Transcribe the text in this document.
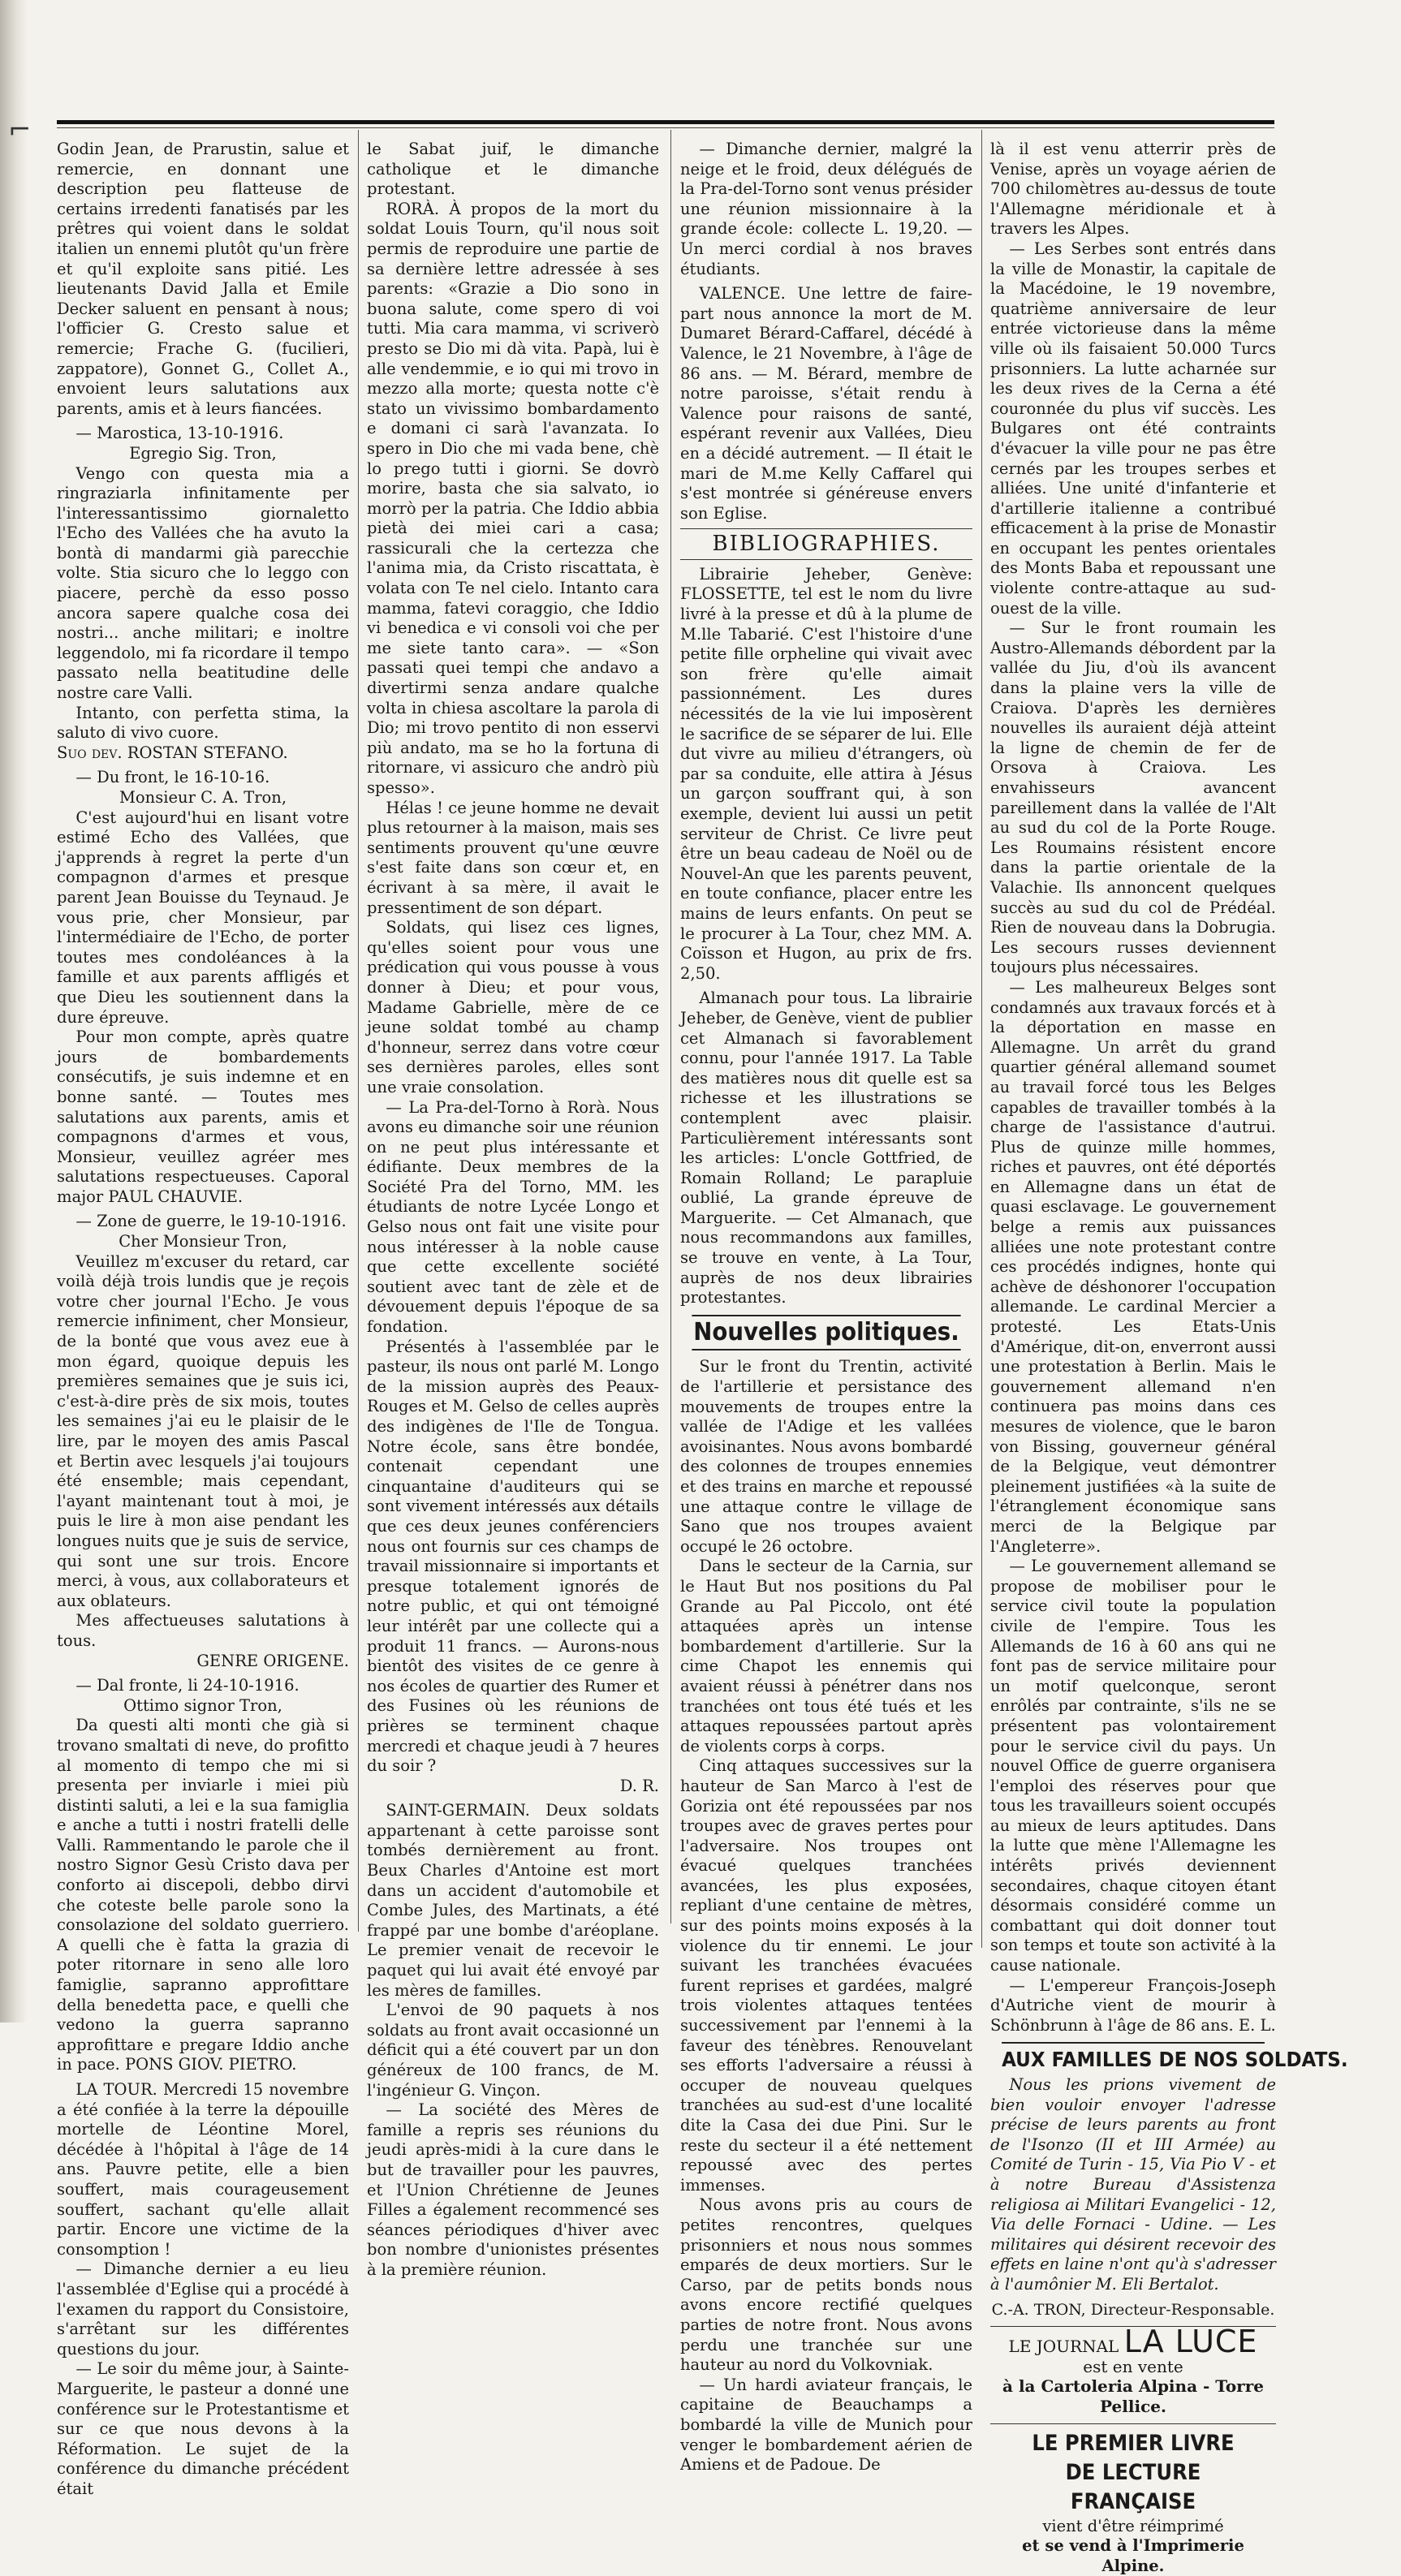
⌐

Godin Jean, de Prarustin, salue et remercie, en donnant une description peu flatteuse de certains irredenti fanatisés par les prêtres qui voient dans le soldat italien un ennemi plutôt qu'un frère et qu'il exploite sans pitié. Les lieutenants David Jalla et Emile Decker saluent en pensant à nous; l'officier G. Cresto salue et remercie; Frache G. (fucilieri, zappatore), Gonnet G., Collet A., envoient leurs salutations aux parents, amis et à leurs fiancées.

— Marostica, 13-10-1916.

Egregio Sig. Tron,

Vengo con questa mia a ringraziarla infinitamente per l'interessantissimo giornaletto l'Echo des Vallées che ha avuto la bontà di mandarmi già parecchie volte. Stia sicuro che lo leggo con piacere, perchè da esso posso ancora sapere qualche cosa dei nostri... anche militari; e inoltre leggendolo, mi fa ricordare il tempo passato nella beatitudine delle nostre care Valli.

Intanto, con perfetta stima, la saluto di vivo cuore.

Suo dev. ROSTAN STEFANO.

— Du front, le 16-10-16.

Monsieur C. A. Tron,

C'est aujourd'hui en lisant votre estimé Echo des Vallées, que j'apprends à regret la perte d'un compagnon d'armes et presque parent Jean Bouisse du Teynaud. Je vous prie, cher Monsieur, par l'intermédiaire de l'Echo, de porter toutes mes condoléances à la famille et aux parents affligés et que Dieu les soutiennent dans la dure épreuve.

Pour mon compte, après quatre jours de bombardements consécutifs, je suis indemne et en bonne santé. — Toutes mes salutations aux parents, amis et compagnons d'armes et vous, Monsieur, veuillez agréer mes salutations respectueuses. Caporal major PAUL CHAUVIE.

— Zone de guerre, le 19-10-1916.

Cher Monsieur Tron,

Veuillez m'excuser du retard, car voilà déjà trois lundis que je reçois votre cher journal l'Echo. Je vous remercie infiniment, cher Monsieur, de la bonté que vous avez eue à mon égard, quoique depuis les premières semaines que je suis ici, c'est-à-dire près de six mois, toutes les semaines j'ai eu le plaisir de le lire, par le moyen des amis Pascal et Bertin avec lesquels j'ai toujours été ensemble; mais cependant, l'ayant maintenant tout à moi, je puis le lire à mon aise pendant les longues nuits que je suis de service, qui sont une sur trois. Encore merci, à vous, aux collaborateurs et aux oblateurs.

Mes affectueuses salutations à tous.

GENRE ORIGENE.

— Dal fronte, li 24-10-1916.

Ottimo signor Tron,

Da questi alti monti che già si trovano smaltati di neve, do profitto al momento di tempo che mi si presenta per inviarle i miei più distinti saluti, a lei e la sua famiglia e anche a tutti i nostri fratelli delle Valli. Rammentando le parole che il nostro Signor Gesù Cristo dava per conforto ai discepoli, debbo dirvi che coteste belle parole sono la consolazione del soldato guerriero. A quelli che è fatta la grazia di poter ritornare in seno alle loro famiglie, sapranno approfittare della benedetta pace, e quelli che vedono la guerra sapranno approfittare e pregare Iddio anche in pace. PONS GIOV. PIETRO.

LA TOUR. Mercredi 15 novembre a été confiée à la terre la dépouille mortelle de Léontine Morel, décédée à l'hôpital à l'âge de 14 ans. Pauvre petite, elle a bien souffert, mais courageusement souffert, sachant qu'elle allait partir. Encore une victime de la consomption !

— Dimanche dernier a eu lieu l'assemblée d'Eglise qui a procédé à l'examen du rapport du Consistoire, s'arrêtant sur les différentes questions du jour.

— Le soir du même jour, à Sainte-Marguerite, le pasteur a donné une conférence sur le Protestantisme et sur ce que nous devons à la Réformation. Le sujet de la conférence du dimanche précédent était

le Sabat juif, le dimanche catholique et le dimanche protestant.

RORÀ. À propos de la mort du soldat Louis Tourn, qu'il nous soit permis de reproduire une partie de sa dernière lettre adressée à ses parents: «Grazie a Dio sono in buona salute, come spero di voi tutti. Mia cara mamma, vi scriverò presto se Dio mi dà vita. Papà, lui è alle vendemmie, e io qui mi trovo in mezzo alla morte; questa notte c'è stato un vivissimo bombardamento e domani ci sarà l'avanzata. Io spero in Dio che mi vada bene, chè lo prego tutti i giorni. Se dovrò morire, basta che sia salvato, io morrò per la patria. Che Iddio abbia pietà dei miei cari a casa; rassicurali che la certezza che l'anima mia, da Cristo riscattata, è volata con Te nel cielo. Intanto cara mamma, fatevi coraggio, che Iddio vi benedica e vi consoli voi che per me siete tanto cara». — «Son passati quei tempi che andavo a divertirmi senza andare qualche volta in chiesa ascoltare la parola di Dio; mi trovo pentito di non esservi più andato, ma se ho la fortuna di ritornare, vi assicuro che andrò più spesso».

Hélas ! ce jeune homme ne devait plus retourner à la maison, mais ses sentiments prouvent qu'une œuvre s'est faite dans son cœur et, en écrivant à sa mère, il avait le pressentiment de son départ.

Soldats, qui lisez ces lignes, qu'elles soient pour vous une prédication qui vous pousse à vous donner à Dieu; et pour vous, Madame Gabrielle, mère de ce jeune soldat tombé au champ d'honneur, serrez dans votre cœur ses dernières paroles, elles sont une vraie consolation.

— La Pra-del-Torno à Rorà. Nous avons eu dimanche soir une réunion on ne peut plus intéressante et édifiante. Deux membres de la Société Pra del Torno, MM. les étudiants de notre Lycée Longo et Gelso nous ont fait une visite pour nous intéresser à la noble cause que cette excellente société soutient avec tant de zèle et de dévouement depuis l'époque de sa fondation.

Présentés à l'assemblée par le pasteur, ils nous ont parlé M. Longo de la mission auprès des Peaux-Rouges et M. Gelso de celles auprès des indigènes de l'Ile de Tongua. Notre école, sans être bondée, contenait cependant une cinquantaine d'auditeurs qui se sont vivement intéressés aux détails que ces deux jeunes conférenciers nous ont fournis sur ces champs de travail missionnaire si importants et presque totalement ignorés de notre public, et qui ont témoigné leur intérêt par une collecte qui a produit 11 francs. — Aurons-nous bientôt des visites de ce genre à nos écoles de quartier des Rumer et des Fusines où les réunions de prières se terminent chaque mercredi et chaque jeudi à 7 heures du soir ?

D. R.

SAINT-GERMAIN. Deux soldats appartenant à cette paroisse sont tombés dernièrement au front. Beux Charles d'Antoine est mort dans un accident d'automobile et Combe Jules, des Martinats, a été frappé par une bombe d'aréoplane. Le premier venait de recevoir le paquet qui lui avait été envoyé par les mères de familles.

L'envoi de 90 paquets à nos soldats au front avait occasionné un déficit qui a été couvert par un don généreux de 100 francs, de M. l'ingénieur G. Vinçon.

— La société des Mères de famille a repris ses réunions du jeudi après-midi à la cure dans le but de travailler pour les pauvres, et l'Union Chrétienne de Jeunes Filles a également recommencé ses séances périodiques d'hiver avec bon nombre d'unionistes présentes à la première réunion.

— Dimanche dernier, malgré la neige et le froid, deux délégués de la Pra-del-Torno sont venus présider une réunion missionnaire à la grande école: collecte L. 19,20. — Un merci cordial à nos braves étudiants.

VALENCE. Une lettre de faire-part nous annonce la mort de M. Dumaret Bérard-Caffarel, décédé à Valence, le 21 Novembre, à l'âge de 86 ans. — M. Bérard, membre de notre paroisse, s'était rendu à Valence pour raisons de santé, espérant revenir aux Vallées, Dieu en a décidé autrement. — Il était le mari de M.me Kelly Caffarel qui s'est montrée si généreuse envers son Eglise.

BIBLIOGRAPHIES.

Librairie Jeheber, Genève: FLOSSETTE, tel est le nom du livre livré à la presse et dû à la plume de M.lle Tabarié. C'est l'histoire d'une petite fille orpheline qui vivait avec son frère qu'elle aimait passionnément. Les dures nécessités de la vie lui imposèrent le sacrifice de se séparer de lui. Elle dut vivre au milieu d'étrangers, où par sa conduite, elle attira à Jésus un garçon souffrant qui, à son exemple, devient lui aussi un petit serviteur de Christ. Ce livre peut être un beau cadeau de Noël ou de Nouvel-An que les parents peuvent, en toute confiance, placer entre les mains de leurs enfants. On peut se le procurer à La Tour, chez MM. A. Coïsson et Hugon, au prix de frs. 2,50.

Almanach pour tous. La librairie Jeheber, de Genève, vient de publier cet Almanach si favorablement connu, pour l'année 1917. La Table des matières nous dit quelle est sa richesse et les illustrations se contemplent avec plaisir. Particulièrement intéressants sont les articles: L'oncle Gottfried, de Romain Rolland; Le parapluie oublié, La grande épreuve de Marguerite. — Cet Almanach, que nous recommandons aux familles, se trouve en vente, à La Tour, auprès de nos deux librairies protestantes.

Nouvelles politiques.

Sur le front du Trentin, activité de l'artillerie et persistance des mouvements de troupes entre la vallée de l'Adige et les vallées avoisinantes. Nous avons bombardé des colonnes de troupes ennemies et des trains en marche et repoussé une attaque contre le village de Sano que nos troupes avaient occupé le 26 octobre.

Dans le secteur de la Carnia, sur le Haut But nos positions du Pal Grande au Pal Piccolo, ont été attaquées après un intense bombardement d'artillerie. Sur la cime Chapot les ennemis qui avaient réussi à pénétrer dans nos tranchées ont tous été tués et les attaques repoussées partout après de violents corps à corps.

Cinq attaques successives sur la hauteur de San Marco à l'est de Gorizia ont été repoussées par nos troupes avec de graves pertes pour l'adversaire. Nos troupes ont évacué quelques tranchées avancées, les plus exposées, repliant d'une centaine de mètres, sur des points moins exposés à la violence du tir ennemi. Le jour suivant les tranchées évacuées furent reprises et gardées, malgré trois violentes attaques tentées successivement par l'ennemi à la faveur des ténèbres. Renouvelant ses efforts l'adversaire a réussi à occuper de nouveau quelques tranchées au sud-est d'une localité dite la Casa dei due Pini. Sur le reste du secteur il a été nettement repoussé avec des pertes immenses.

Nous avons pris au cours de petites rencontres, quelques prisonniers et nous nous sommes emparés de deux mortiers. Sur le Carso, par de petits bonds nous avons encore rectifié quelques parties de notre front. Nous avons perdu une tranchée sur une hauteur au nord du Volkovniak.

— Un hardi aviateur français, le capitaine de Beauchamps a bombardé la ville de Munich pour venger le bombardement aérien de Amiens et de Padoue. De

là il est venu atterrir près de Venise, après un voyage aérien de 700 chilomètres au-dessus de toute l'Allemagne méridionale et à travers les Alpes.

— Les Serbes sont entrés dans la ville de Monastir, la capitale de la Macédoine, le 19 novembre, quatrième anniversaire de leur entrée victorieuse dans la même ville où ils faisaient 50.000 Turcs prisonniers. La lutte acharnée sur les deux rives de la Cerna a été couronnée du plus vif succès. Les Bulgares ont été contraints d'évacuer la ville pour ne pas être cernés par les troupes serbes et alliées. Une unité d'infanterie et d'artillerie italienne a contribué efficacement à la prise de Monastir en occupant les pentes orientales des Monts Baba et repoussant une violente contre-attaque au sud-ouest de la ville.

— Sur le front roumain les Austro-Allemands débordent par la vallée du Jiu, d'où ils avancent dans la plaine vers la ville de Craiova. D'après les dernières nouvelles ils auraient déjà atteint la ligne de chemin de fer de Orsova à Craiova. Les envahisseurs avancent pareillement dans la vallée de l'Alt au sud du col de la Porte Rouge. Les Roumains résistent encore dans la partie orientale de la Valachie. Ils annoncent quelques succès au sud du col de Prédéal. Rien de nouveau dans la Dobrugia. Les secours russes deviennent toujours plus nécessaires.

— Les malheureux Belges sont condamnés aux travaux forcés et à la déportation en masse en Allemagne. Un arrêt du grand quartier général allemand soumet au travail forcé tous les Belges capables de travailler tombés à la charge de l'assistance d'autrui. Plus de quinze mille hommes, riches et pauvres, ont été déportés en Allemagne dans un état de quasi esclavage. Le gouvernement belge a remis aux puissances alliées une note protestant contre ces procédés indignes, honte qui achève de déshonorer l'occupation allemande. Le cardinal Mercier a protesté. Les Etats-Unis d'Amérique, dit-on, enverront aussi une protestation à Berlin. Mais le gouvernement allemand n'en continuera pas moins dans ces mesures de violence, que le baron von Bissing, gouverneur général de la Belgique, veut démontrer pleinement justifiées «à la suite de l'étranglement économique sans merci de la Belgique par l'Angleterre».

— Le gouvernement allemand se propose de mobiliser pour le service civil toute la population civile de l'empire. Tous les Allemands de 16 à 60 ans qui ne font pas de service militaire pour un motif quelconque, seront enrôlés par contrainte, s'ils ne se présentent pas volontairement pour le service civil du pays. Un nouvel Office de guerre organisera l'emploi des réserves pour que tous les travailleurs soient occupés au mieux de leurs aptitudes. Dans la lutte que mène l'Allemagne les intérêts privés deviennent secondaires, chaque citoyen étant désormais considéré comme un combattant qui doit donner tout son temps et toute son activité à la cause nationale.

— L'empereur François-Joseph d'Autriche vient de mourir à Schönbrunn à l'âge de 86 ans. E. L.

AUX FAMILLES DE NOS SOLDATS.

Nous les prions vivement de bien vouloir envoyer l'adresse précise de leurs parents au front de l'Isonzo (II et III Armée) au Comité de Turin - 15, Via Pio V - et à notre Bureau d'Assistenza religiosa ai Militari Evangelici - 12, Via delle Fornaci - Udine. — Les militaires qui désirent recevoir des effets en laine n'ont qu'à s'adresser à l'aumônier M. Eli Bertalot.

C.-A. TRON, Directeur-Responsable.
LE JOURNAL LA LUCE
est en vente
à la Cartoleria Alpina - Torre Pellice.
LE PREMIER LIVRE
DE LECTURE FRANÇAISE
vient d'être réimprimé
et se vend à l'Imprimerie Alpine.
